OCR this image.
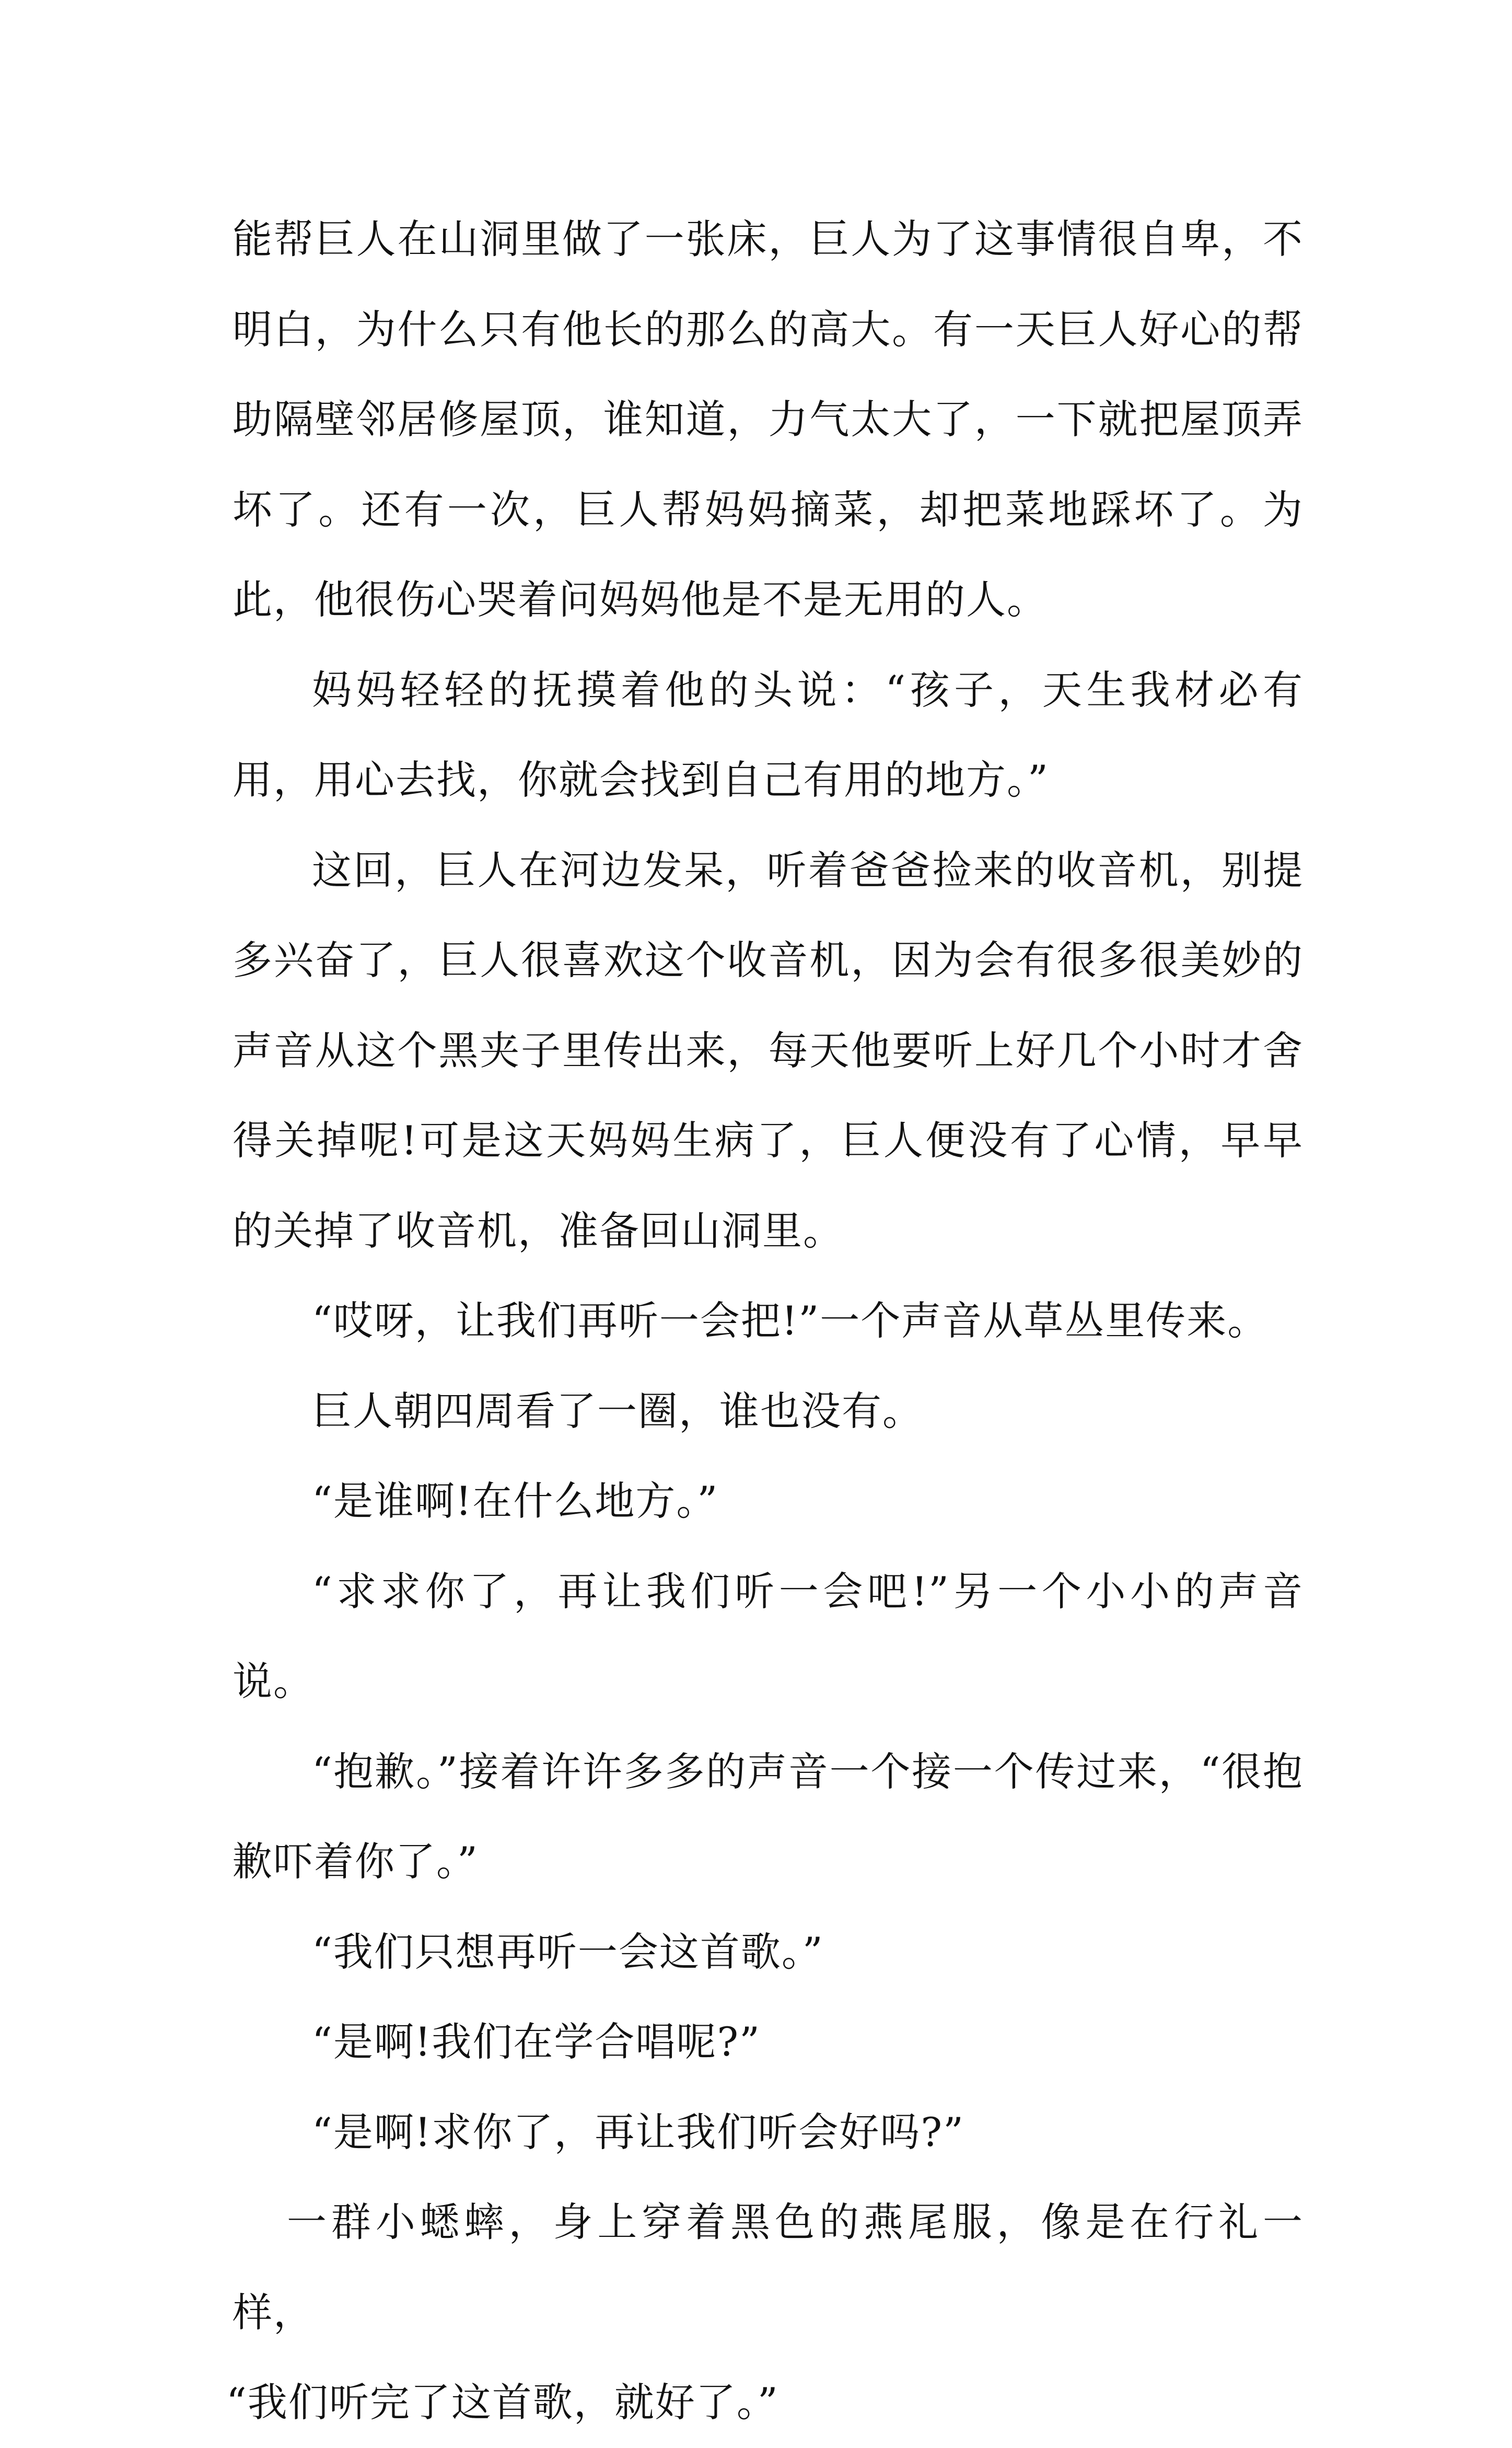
能帮巨人在山洞里做了一张床，巨人为了这事情很自卑，不明白，为什么只有他长的那么的高大。有一天巨人好心的帮助隔壁邻居修屋顶，谁知道，力气太大了，一下就把屋顶弄坏了。还有一次，巨人帮妈妈摘菜，却把菜地踩坏了。为此，他很伤心哭着问妈妈他是不是无用的人。

妈妈轻轻的抚摸着他的头说：“孩子，天生我材必有用，用心去找，你就会找到自己有用的地方。”

这回，巨人在河边发呆，听着爸爸捡来的收音机，别提多兴奋了，巨人很喜欢这个收音机，因为会有很多很美妙的声音从这个黑夹子里传出来，每天他要听上好几个小时才舍得关掉呢!可是这天妈妈生病了，巨人便没有了心情，早早的关掉了收音机，准备回山洞里。

“哎呀，让我们再听一会把!”一个声音从草丛里传来。

巨人朝四周看了一圈，谁也没有。

“是谁啊!在什么地方。”

“求求你了，再让我们听一会吧!”另一个小小的声音说。

“抱歉。”接着许许多多的声音一个接一个传过来，“很抱歉吓着你了。”

“我们只想再听一会这首歌。”

“是啊!我们在学合唱呢?”

“是啊!求你了，再让我们听会好吗?”

一群小蟋蟀，身上穿着黑色的燕尾服，像是在行礼一样，

“我们听完了这首歌，就好了。”
